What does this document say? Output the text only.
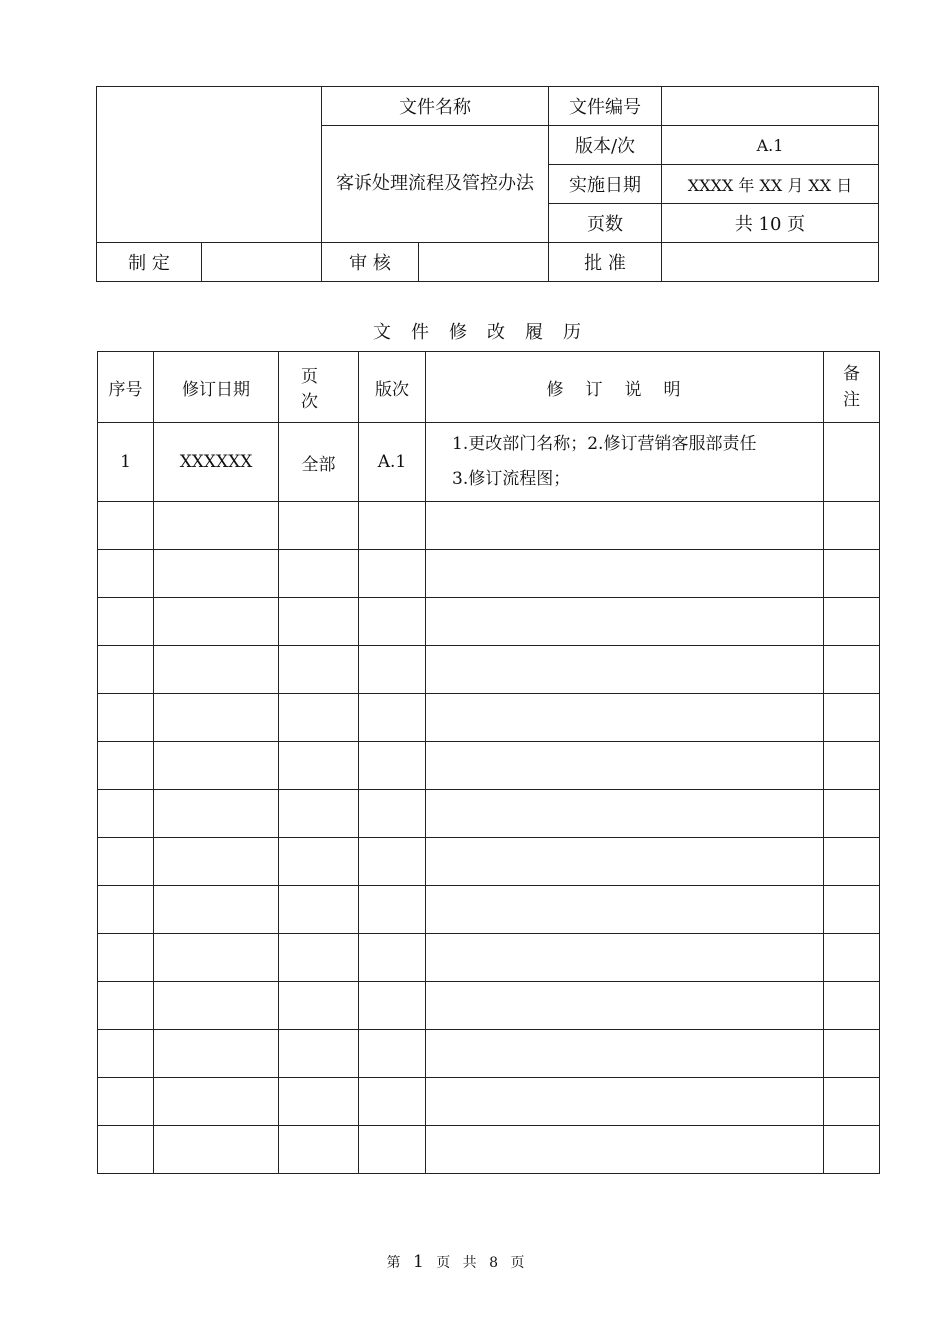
		文件名称		文件编号	
		客诉处理流程及管控办法		版本/次	A.1
				实施日期	XXXX 年 XX 月 XX 日
				页数	共 10 页
制 定		审 核		批 准	
文件修改履历
序号	修订日期	页 次	版次	修订说明	备注
1	XXXXXX	全部	A.1	1.更改部门名称；2.修订营销客服部责任
3.修订流程图；	

第 1 页 共 8 页
